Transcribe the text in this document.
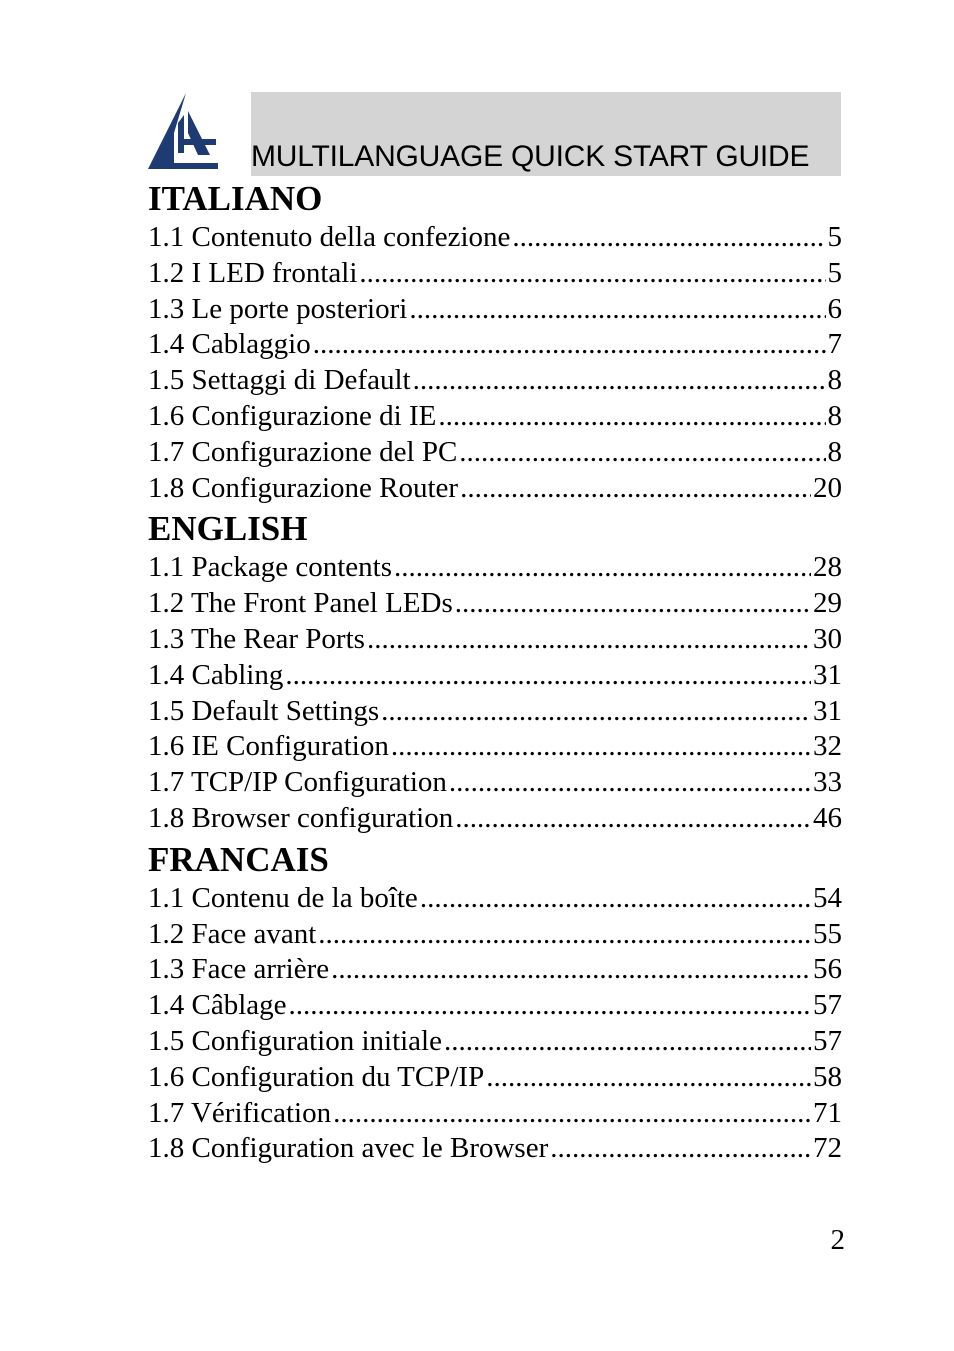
MULTILANGUAGE QUICK START GUIDE
ITALIANO
1.1 Contenuto della confezione .....	5
1.2 I LED frontali .....	5
1.3 Le porte posteriori .....	6
1.4 Cablaggio .....	7
1.5 Settaggi di Default .....	8
1.6 Configurazione di IE .....	8
1.7 Configurazione del PC .....	8
1.8 Configurazione Router .....	20
ENGLISH
1.1 Package contents .....	28
1.2 The Front Panel LEDs .....	29
1.3 The Rear Ports .....	30
1.4 Cabling .....	31
1.5 Default Settings .....	31
1.6 IE Configuration .....	32
1.7 TCP/IP Configuration .....	33
1.8 Browser configuration .....	46
FRANCAIS
1.1 Contenu de la boîte .....	54
1.2 Face avant .....	55
1.3 Face arrière .....	56
1.4 Câblage .....	57
1.5 Configuration initiale .....	57
1.6 Configuration du TCP/IP .....	58
1.7 Vérification .....	71
1.8 Configuration avec le Browser .....	72
2
